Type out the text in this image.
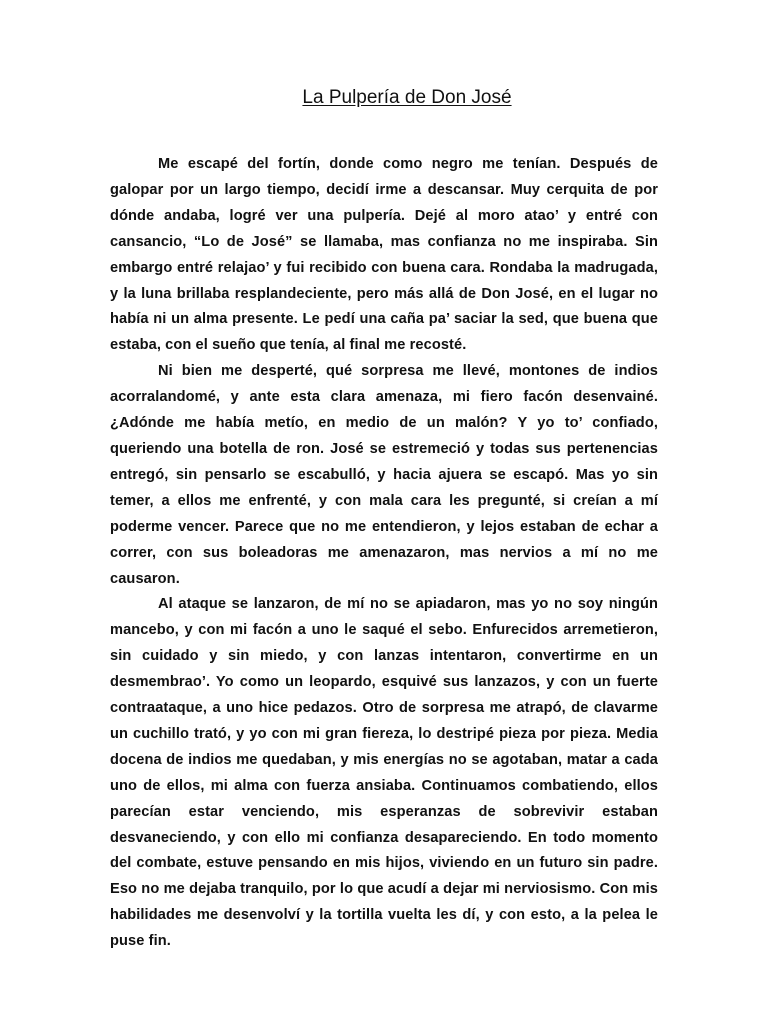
La Pulpería de Don José

Me escapé del fortín, donde como negro me tenían. Después de galopar por un largo tiempo, decidí irme a descansar. Muy cerquita de por dónde andaba, logré ver una pulpería. Dejé al moro atao’ y entré con cansancio, “Lo de José” se llamaba, mas confianza no me inspiraba. Sin embargo entré relajao’ y fui recibido con buena cara. Rondaba la madrugada, y la luna brillaba resplandeciente, pero más allá de Don José, en el lugar no había ni un alma presente. Le pedí una caña pa’ saciar la sed, que buena que estaba, con el sueño que tenía, al final me recosté.

Ni bien me desperté, qué sorpresa me llevé, montones de indios acorralandomé, y ante esta clara amenaza, mi fiero facón desenvainé. ¿Adónde me había metío, en medio de un malón? Y yo to’ confiado, queriendo una botella de ron. José se estremeció y todas sus pertenencias entregó, sin pensarlo se escabulló, y hacia ajuera se escapó. Mas yo sin temer, a ellos me enfrenté, y con mala cara les pregunté, si creían a mí poderme vencer. Parece que no me entendieron, y lejos estaban de echar a correr, con sus boleadoras me amenazaron, mas nervios a mí no me causaron.

Al ataque se lanzaron, de mí no se apiadaron, mas yo no soy ningún mancebo, y con mi facón a uno le saqué el sebo. Enfurecidos arremetieron, sin cuidado y sin miedo, y con lanzas intentaron, convertirme en un desmembrao’. Yo como un leopardo, esquivé sus lanzazos, y con un fuerte contraataque, a uno hice pedazos. Otro de sorpresa me atrapó, de clavarme un cuchillo trató, y yo con mi gran fiereza, lo destripé pieza por pieza. Media docena de indios me quedaban, y mis energías no se agotaban, matar a cada uno de ellos, mi alma con fuerza ansiaba. Continuamos combatiendo, ellos parecían estar venciendo, mis esperanzas de sobrevivir estaban desvaneciendo, y con ello mi confianza desapareciendo. En todo momento del combate, estuve pensando en mis hijos, viviendo en un futuro sin padre. Eso no me dejaba tranquilo, por lo que acudí a dejar mi nerviosismo. Con mis habilidades me desenvolví y la tortilla vuelta les dí, y con esto, a la pelea le puse fin.
